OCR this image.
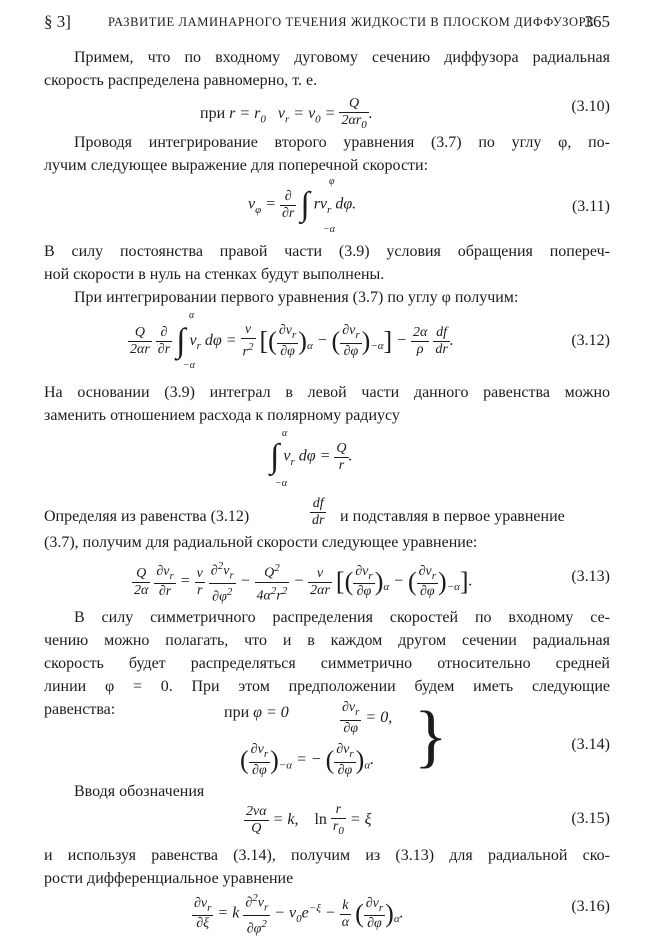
§ 3]	РАЗВИТИЕ ЛАМИНАРНОГО ТЕЧЕНИЯ ЖИДКОСТИ В ПЛОСКОМ ДИФФУЗОРЕ
365
Примем, что по входному дуговому сечению диффузора радиальная
скорость распределена равномерно, т. е.
при $r = r_0$   $v_r = v_0 = \frac{Q}{2\alpha r_0}$ .	(3.10)
Проводя интегрирование второго уравнения (3.7) по углу φ, по-
лучим следующее выражение для поперечной скорости:
$v_\varphi = \frac{\partial}{\partial r}$ ∫ $rv_r$ dφ.
φ
−α
(3.11)
В силу постоянства правой части (3.9) условия обращения попереч-
ной скорости в нуль на стенках будут выполнены.
При интегрировании первого уравнения (3.7) по углу φ получим:
$\frac{Q}{2\alpha r}$
$\frac{\partial}{\partial r}$ ∫ $v_r$ $d\varphi = \frac{\nu}{r^2}$ [( $\frac{\partial v_r}{\partial\varphi} )_\alpha$ − ( $\frac{\partial v_r}{\partial\varphi} )_{-\alpha}] - \frac{2\alpha}{\rho}$
$\frac{df}{dr}$ .
α
−α
(3.12)
На основании (3.9) интеграл в левой части данного равенства можно
заменить отношением расхода к полярному радиусу
∫ $v_r$ $d\varphi = \frac{Q}{r}$ .
α
−α
Определяя из равенства (3.12)	$\frac{df}{dr}$ и подставляя в первое уравнение
(3.7), получим для радиальной скорости следующее уравнение:
$\frac{Q}{2\alpha}$
$\frac{\partial v_r}{\partial r} = \frac{\nu}{r}$
$\frac{\partial^2v_r}{\partial\varphi^2} - \frac{Q^2}{4\alpha^2r^2} - \frac{\nu}{2\alpha r}$ [( $\frac{\partial v_r}{\partial\varphi} )_\alpha$ − ( $\frac{\partial v_r}{\partial\varphi} )_{-\alpha}$].	(3.13)
В силу симметричного распределения скоростей по входному се-
чению можно полагать, что и в каждом другом сечении радиальная
скорость будет распределяться симметрично относительно средней
линии φ = 0. При этом предположении будем иметь следующие
равенства:	при φ = 0	$\frac{\partial v_r}{\partial\varphi} = 0$,
( $\frac{\partial v_r}{\partial\varphi} )_{-\alpha}$ = − ( $\frac{\partial v_r}{\partial\varphi} )_\alpha$. }	(3.14)
Вводя обозначения
$\frac{2\nu\alpha}{Q} = k$,    $\ln \frac{r}{r_0} = \xi$	(3.15)
и используя равенства (3.14), получим из (3.13) для радиальной ско-
рости дифференциальное уравнение
$\frac{\partial v_r}{\partial\xi} = k \frac{\partial^2v_r}{\partial\varphi^2} - v_0e^{-\xi} - \frac{k}{\alpha}$ ( $\frac{\partial v_r}{\partial\varphi} )_\alpha$.	(3.16)
